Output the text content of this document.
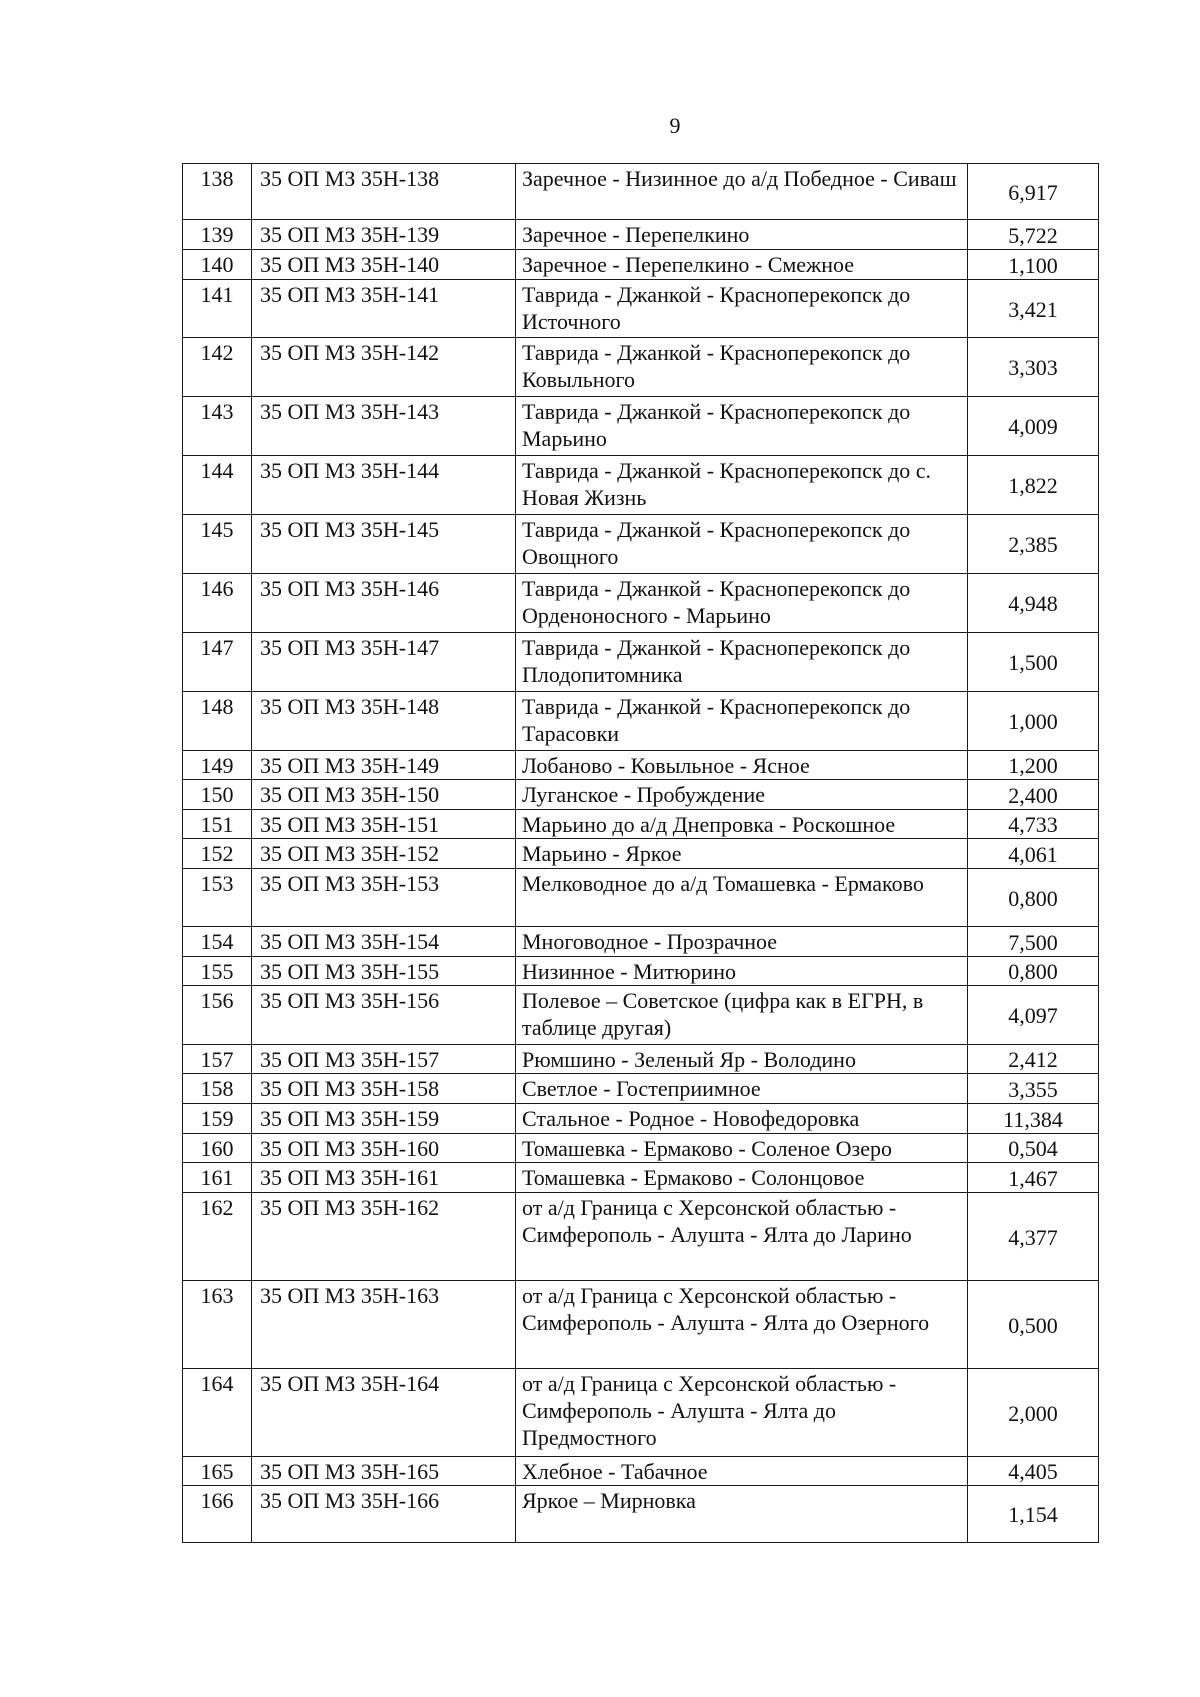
9
138	35 ОП МЗ 35Н-138	Заречное - Низинное до а/д Победное - Сиваш	6,917
139	35 ОП МЗ 35Н-139	Заречное - Перепелкино	5,722
140	35 ОП МЗ 35Н-140	Заречное - Перепелкино - Смежное	1,100
141	35 ОП МЗ 35Н-141	Таврида - Джанкой - Красноперекопск до Источного	3,421
142	35 ОП МЗ 35Н-142	Таврида - Джанкой - Красноперекопск до Ковыльного	3,303
143	35 ОП МЗ 35Н-143	Таврида - Джанкой - Красноперекопск до Марьино	4,009
144	35 ОП МЗ 35Н-144	Таврида - Джанкой - Красноперекопск до с. Новая Жизнь	1,822
145	35 ОП МЗ 35Н-145	Таврида - Джанкой - Красноперекопск до Овощного	2,385
146	35 ОП МЗ 35Н-146	Таврида - Джанкой - Красноперекопск до Орденоносного - Марьино	4,948
147	35 ОП МЗ 35Н-147	Таврида - Джанкой - Красноперекопск до Плодопитомника	1,500
148	35 ОП МЗ 35Н-148	Таврида - Джанкой - Красноперекопск до Тарасовки	1,000
149	35 ОП МЗ 35Н-149	Лобаново - Ковыльное - Ясное	1,200
150	35 ОП МЗ 35Н-150	Луганское - Пробуждение	2,400
151	35 ОП МЗ 35Н-151	Марьино до а/д Днепровка - Роскошное	4,733
152	35 ОП МЗ 35Н-152	Марьино - Яркое	4,061
153	35 ОП МЗ 35Н-153	Мелководное до а/д Томашевка - Ермаково	0,800
154	35 ОП МЗ 35Н-154	Многоводное - Прозрачное	7,500
155	35 ОП МЗ 35Н-155	Низинное - Митюрино	0,800
156	35 ОП МЗ 35Н-156	Полевое – Советское (цифра как в ЕГРН, в таблице другая)	4,097
157	35 ОП МЗ 35Н-157	Рюмшино - Зеленый Яр - Володино	2,412
158	35 ОП МЗ 35Н-158	Светлое - Гостеприимное	3,355
159	35 ОП МЗ 35Н-159	Стальное - Родное - Новофедоровка	11,384
160	35 ОП МЗ 35Н-160	Томашевка - Ермаково - Соленое Озеро	0,504
161	35 ОП МЗ 35Н-161	Томашевка - Ермаково - Солонцовое	1,467
162	35 ОП МЗ 35Н-162	от а/д Граница с Херсонской областью - Симферополь - Алушта - Ялта до Ларино	4,377
163	35 ОП МЗ 35Н-163	от а/д Граница с Херсонской областью - Симферополь - Алушта - Ялта до Озерного	0,500
164	35 ОП МЗ 35Н-164	от а/д Граница с Херсонской областью - Симферополь - Алушта - Ялта до Предмостного	2,000
165	35 ОП МЗ 35Н-165	Хлебное - Табачное	4,405
166	35 ОП МЗ 35Н-166	Яркое – Мирновка	1,154
